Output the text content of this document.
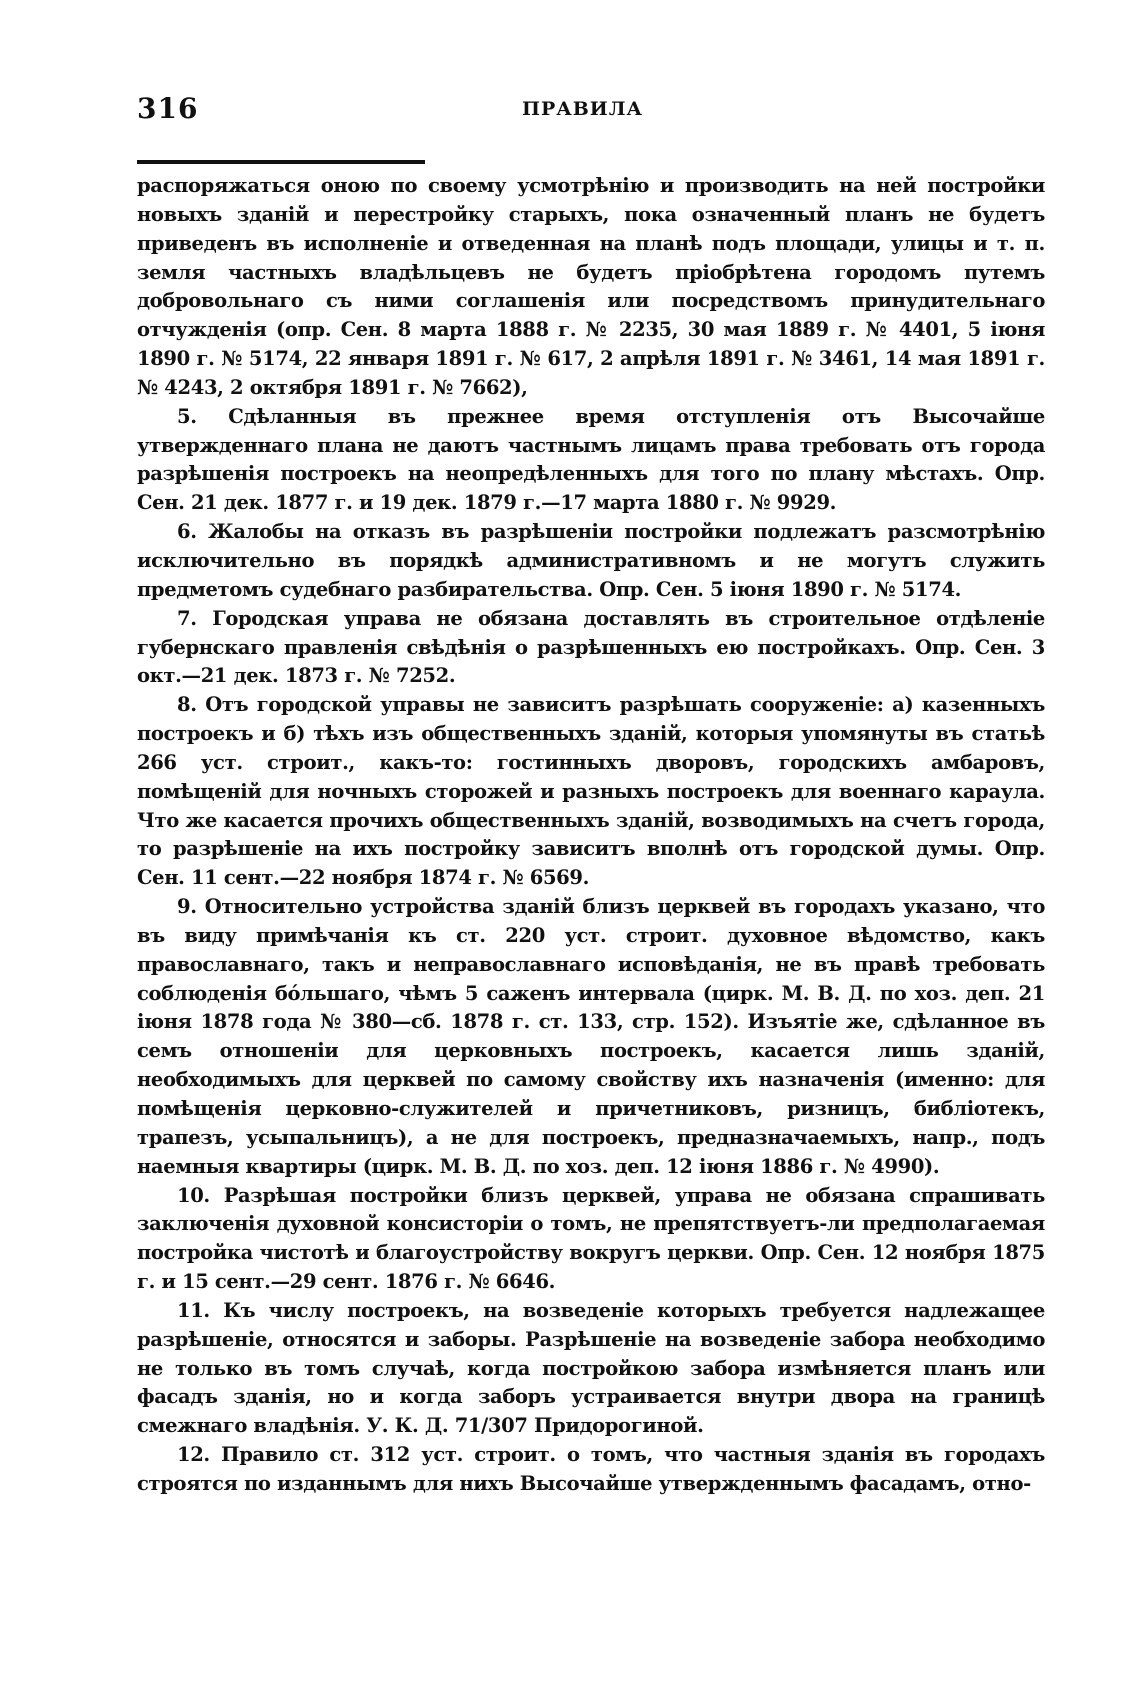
316	ПРАВИЛА

распоряжаться оною по своему усмотрѣнію и производить на ней постройки новыхъ зданій и перестройку старыхъ, пока означенный планъ не будетъ приведенъ въ исполненіе и отведенная на планѣ подъ площади, улицы и т. п. земля частныхъ владѣльцевъ не будетъ пріобрѣтена городомъ путемъ добровольнаго съ ними соглашенія или посредствомъ принудительнаго отчужденія (опр. Сен. 8 марта 1888 г. № 2235, 30 мая 1889 г. № 4401, 5 іюня 1890 г. № 5174, 22 января 1891 г. № 617, 2 апрѣля 1891 г. № 3461, 14 мая 1891 г. № 4243, 2 октября 1891 г. № 7662),

5. Сдѣланныя въ прежнее время отступленія отъ Высочайше утвержденнаго плана не даютъ частнымъ лицамъ права требовать отъ города разрѣшенія построекъ на неопредѣленныхъ для того по плану мѣстахъ. Опр. Сен. 21 дек. 1877 г. и 19 дек. 1879 г.—17 марта 1880 г. № 9929.

6. Жалобы на отказъ въ разрѣшеніи постройки подлежатъ разсмотрѣнію исключительно въ порядкѣ административномъ и не могутъ служить предметомъ судебнаго разбирательства. Опр. Сен. 5 іюня 1890 г. № 5174.

7. Городская управа не обязана доставлять въ строительное отдѣленіе губернскаго правленія свѣдѣнія о разрѣшенныхъ ею постройкахъ. Опр. Сен. 3 окт.—21 дек. 1873 г. № 7252.

8. Отъ городской управы не зависитъ разрѣшать сооруженіе: а) казенныхъ построекъ и б) тѣхъ изъ общественныхъ зданій, которыя упомянуты въ статьѣ 266 уст. строит., какъ-то: гостинныхъ дворовъ, городскихъ амбаровъ, помѣщеній для ночныхъ сторожей и разныхъ построекъ для военнаго караула. Что же касается прочихъ общественныхъ зданій, возводимыхъ на счетъ города, то разрѣшеніе на ихъ постройку зависитъ вполнѣ отъ городской думы. Опр. Сен. 11 сент.—22 ноября 1874 г. № 6569.

9. Относительно устройства зданій близъ церквей въ городахъ указано, что въ виду примѣчанія къ ст. 220 уст. строит. духовное вѣдомство, какъ православнаго, такъ и неправославнаго исповѣданія, не въ правѣ требовать соблюденія бóльшаго, чѣмъ 5 саженъ интервала (цирк. М. В. Д. по хоз. деп. 21 іюня 1878 года № 380—сб. 1878 г. ст. 133, стр. 152). Изъятіе же, сдѣланное въ семъ отношеніи для церковныхъ построекъ, касается лишь зданій, необходимыхъ для церквей по самому свойству ихъ назначенія (именно: для помѣщенія церковно-служителей и причетниковъ, ризницъ, библіотекъ, трапезъ, усыпальницъ), а не для построекъ, предназначаемыхъ, напр., подъ наемныя квартиры (цирк. М. В. Д. по хоз. деп. 12 іюня 1886 г. № 4990).

10. Разрѣшая постройки близъ церквей, управа не обязана спрашивать заключенія духовной консисторіи о томъ, не препятствуетъ-ли предполагаемая постройка чистотѣ и благоустройству вокругъ церкви. Опр. Сен. 12 ноября 1875 г. и 15 сент.—29 сент. 1876 г. № 6646.

11. Къ числу построекъ, на возведеніе которыхъ требуется надлежащее разрѣшеніе, относятся и заборы. Разрѣшеніе на возведеніе забора необходимо не только въ томъ случаѣ, когда постройкою забора измѣняется планъ или фасадъ зданія, но и когда заборъ устраивается внутри двора на границѣ смежнаго владѣнія. У. К. Д. 71/307 Придорогиной.

12. Правило ст. 312 уст. строит. о томъ, что частныя зданія въ городахъ строятся по изданнымъ для нихъ Высочайше утвержденнымъ фасадамъ, отно-
